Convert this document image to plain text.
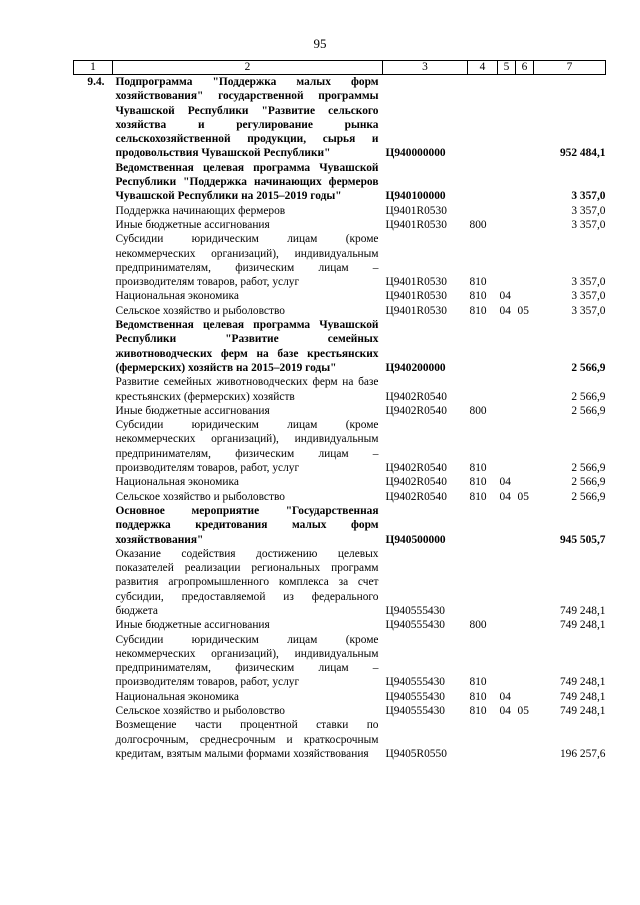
95
1	2	3	4	5	6	7
9.4.	Подпрограмма "Поддержка малых форм хозяйствования" государственной программы Чувашской Республики "Развитие сельского хозяйства и регулирование рынка сельскохозяйственной продукции, сырья и продовольствия Чувашской Республики"	Ц940000000				952 484,1
	Ведомственная целевая программа Чувашской Республики "Поддержка начинающих фермеров Чувашской Республики на 2015–2019 годы"	Ц940100000				3 357,0
	Поддержка начинающих фермеров	Ц9401R0530				3 357,0
	Иные бюджетные ассигнования	Ц9401R0530	800			3 357,0
	Субсидии юридическим лицам (кроме некоммерческих организаций), индивидуальным предпринимателям, физическим лицам – производителям товаров, работ, услуг	Ц9401R0530	810			3 357,0
	Национальная экономика	Ц9401R0530	810	04		3 357,0
	Сельское хозяйство и рыболовство	Ц9401R0530	810	04	05	3 357,0
	Ведомственная целевая программа Чувашской Республики "Развитие семейных животноводческих ферм на базе крестьянских (фермерских) хозяйств на 2015–2019 годы"	Ц940200000				2 566,9
	Развитие семейных животноводческих ферм на базе крестьянских (фермерских) хозяйств	Ц9402R0540				2 566,9
	Иные бюджетные ассигнования	Ц9402R0540	800			2 566,9
	Субсидии юридическим лицам (кроме некоммерческих организаций), индивидуальным предпринимателям, физическим лицам – производителям товаров, работ, услуг	Ц9402R0540	810			2 566,9
	Национальная экономика	Ц9402R0540	810	04		2 566,9
	Сельское хозяйство и рыболовство	Ц9402R0540	810	04	05	2 566,9
	Основное мероприятие "Государственная поддержка кредитования малых форм хозяйствования"	Ц940500000				945 505,7
	Оказание содействия достижению целевых показателей реализации региональных программ развития агропромышленного комплекса за счет субсидии, предоставляемой из федерального бюджета	Ц940555430				749 248,1
	Иные бюджетные ассигнования	Ц940555430	800			749 248,1
	Субсидии юридическим лицам (кроме некоммерческих организаций), индивидуальным предпринимателям, физическим лицам – производителям товаров, работ, услуг	Ц940555430	810			749 248,1
	Национальная экономика	Ц940555430	810	04		749 248,1
	Сельское хозяйство и рыболовство	Ц940555430	810	04	05	749 248,1
	Возмещение части процентной ставки по долгосрочным, среднесрочным и краткосрочным кредитам, взятым малыми формами хозяйствования	Ц9405R0550				196 257,6
